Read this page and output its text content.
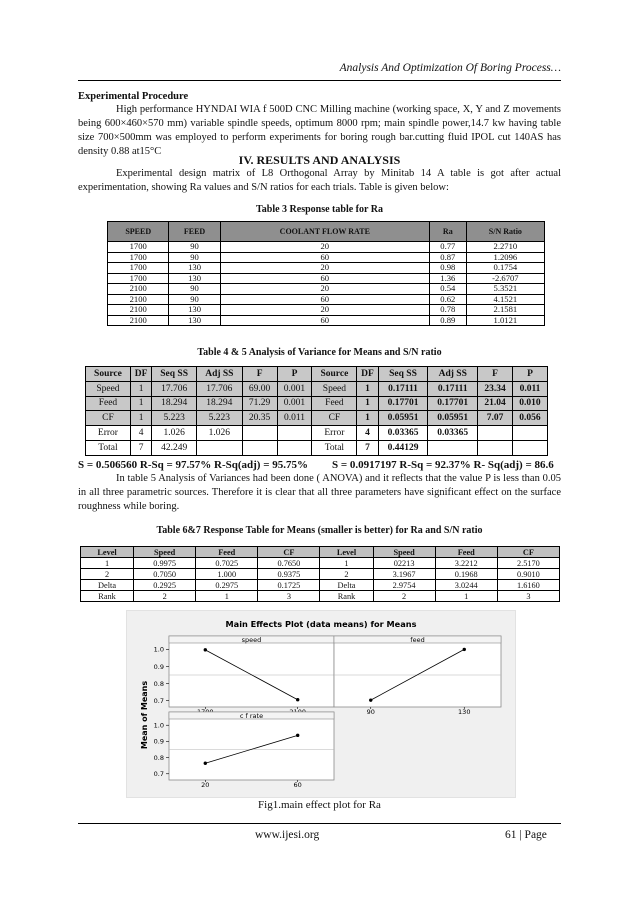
Analysis And Optimization Of Boring Process…
Experimental Procedure
High performance HYNDAI WIA f 500D CNC Milling machine (working space, X, Y and Z movements being 600×460×570 mm) variable spindle speeds, optimum 8000 rpm; main spindle power,14.7 kw having table size 700×500mm was employed to perform experiments for boring rough bar.cutting fluid IPOL cut 140AS has density 0.88 at15°C
IV. RESULTS AND ANALYSIS
Experimental design matrix of L8 Orthogonal Array by Minitab 14 A table is got after actual experimentation, showing Ra values and S/N ratios for each trials. Table is given below:
Table 3 Response table for Ra
SPEED	FEED	COOLANT FLOW RATE	Ra	S/N Ratio
1700	90	20	0.77	2.2710
1700	90	60	0.87	1.2096
1700	130	20	0.98	0.1754
1700	130	60	1.36	-2.6707
2100	90	20	0.54	5.3521
2100	90	60	0.62	4.1521
2100	130	20	0.78	2.1581
2100	130	60	0.89	1.0121
Table 4 & 5 Analysis of Variance for Means and S/N ratio
Source	DF	Seq SS	Adj SS	F	P	Source	DF	Seq SS	Adj SS	F	P
Speed	1	17.706	17.706	69.00	0.001	Speed	1	0.17111	0.17111	23.34	0.011
Feed	1	18.294	18.294	71.29	0.001	Feed	1	0.17701	0.17701	21.04	0.010
CF	1	5.223	5.223	20.35	0.011	CF	1	0.05951	0.05951	7.07	0.056
Error	4	1.026	1.026			Error	4	0.03365	0.03365		
Total	7	42.249				Total	7	0.44129			
S = 0.506560 R-Sq = 97.57% R-Sq(adj) = 95.75% S = 0.0917197 R-Sq = 92.37% R- Sq(adj) = 86.6
In table 5 Analysis of Variances had been done ( ANOVA) and it reflects that the value P is less than 0.05 in all three parametric sources. Therefore it is clear that all three parameters have significant effect on the surface roughness while boring.
Table 6&7 Response Table for Means (smaller is better) for Ra and S/N ratio
Level	Speed	Feed	CF	Level	Speed	Feed	CF
1	0.9975	0.7025	0.7650	1	02213	3.2212	2.5170
2	0.7050	1.000	0.9375	2	3.1967	0.1968	0.9010
Delta	0.2925	0.2975	0.1725	Delta	2.9754	3.0244	1.6160
Rank	2	1	3	Rank	2	1	3
Main Effects Plot (data means) for Means
Mean of Means
speed
0.7
0.8
0.9
1.0
feed
90	130
c f rate
20	60
0.7
0.8
0.9
1.0
Fig1.main effect plot for Ra
www.ijesi.org	61 | Page
